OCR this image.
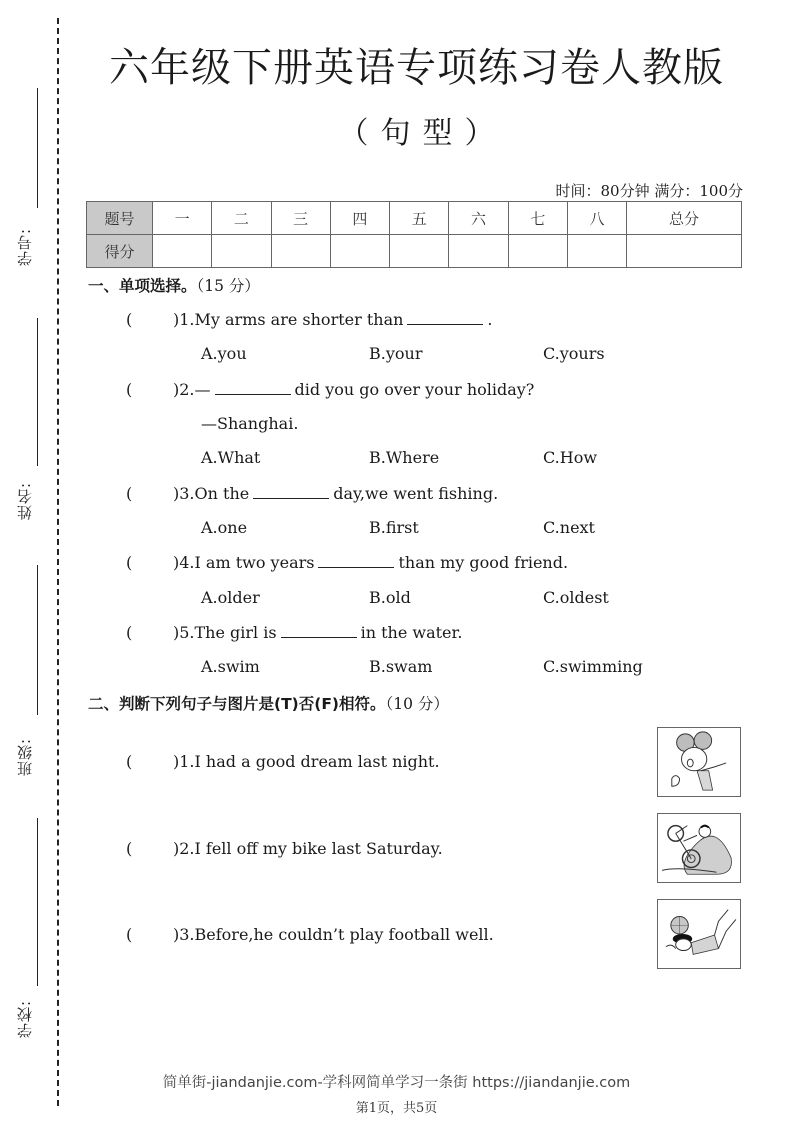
学号:
姓名:
班级:
学校:
六年级下册英语专项练习卷人教版
（ 句 型 ）
时间：80分钟 满分：100分
题号	一	二	三	四	五	六	七	八	总分
得分									
一、单项选择。（15 分）
(	)1.My arms are shorter than	.
A.you	B.your	C.yours
(	)2.—	did you go over your holiday?
—Shanghai.
A.What	B.Where	C.How
(	)3.On the	day,we went fishing.
A.one	B.first	C.next
(	)4.I am two years	than my good friend.
A.older	B.old	C.oldest
(	)5.The girl is	in the water.
A.swim	B.swam	C.swimming
二、判断下列句子与图片是(T)否(F)相符。（10 分）
(	)1.I had a good dream last night.
(	)2.I fell off my bike last Saturday.
(	)3.Before,he couldn’t play football well.
简单街-jiandanjie.com-学科网简单学习一条街 https://jiandanjie.com
第1页，共5页
